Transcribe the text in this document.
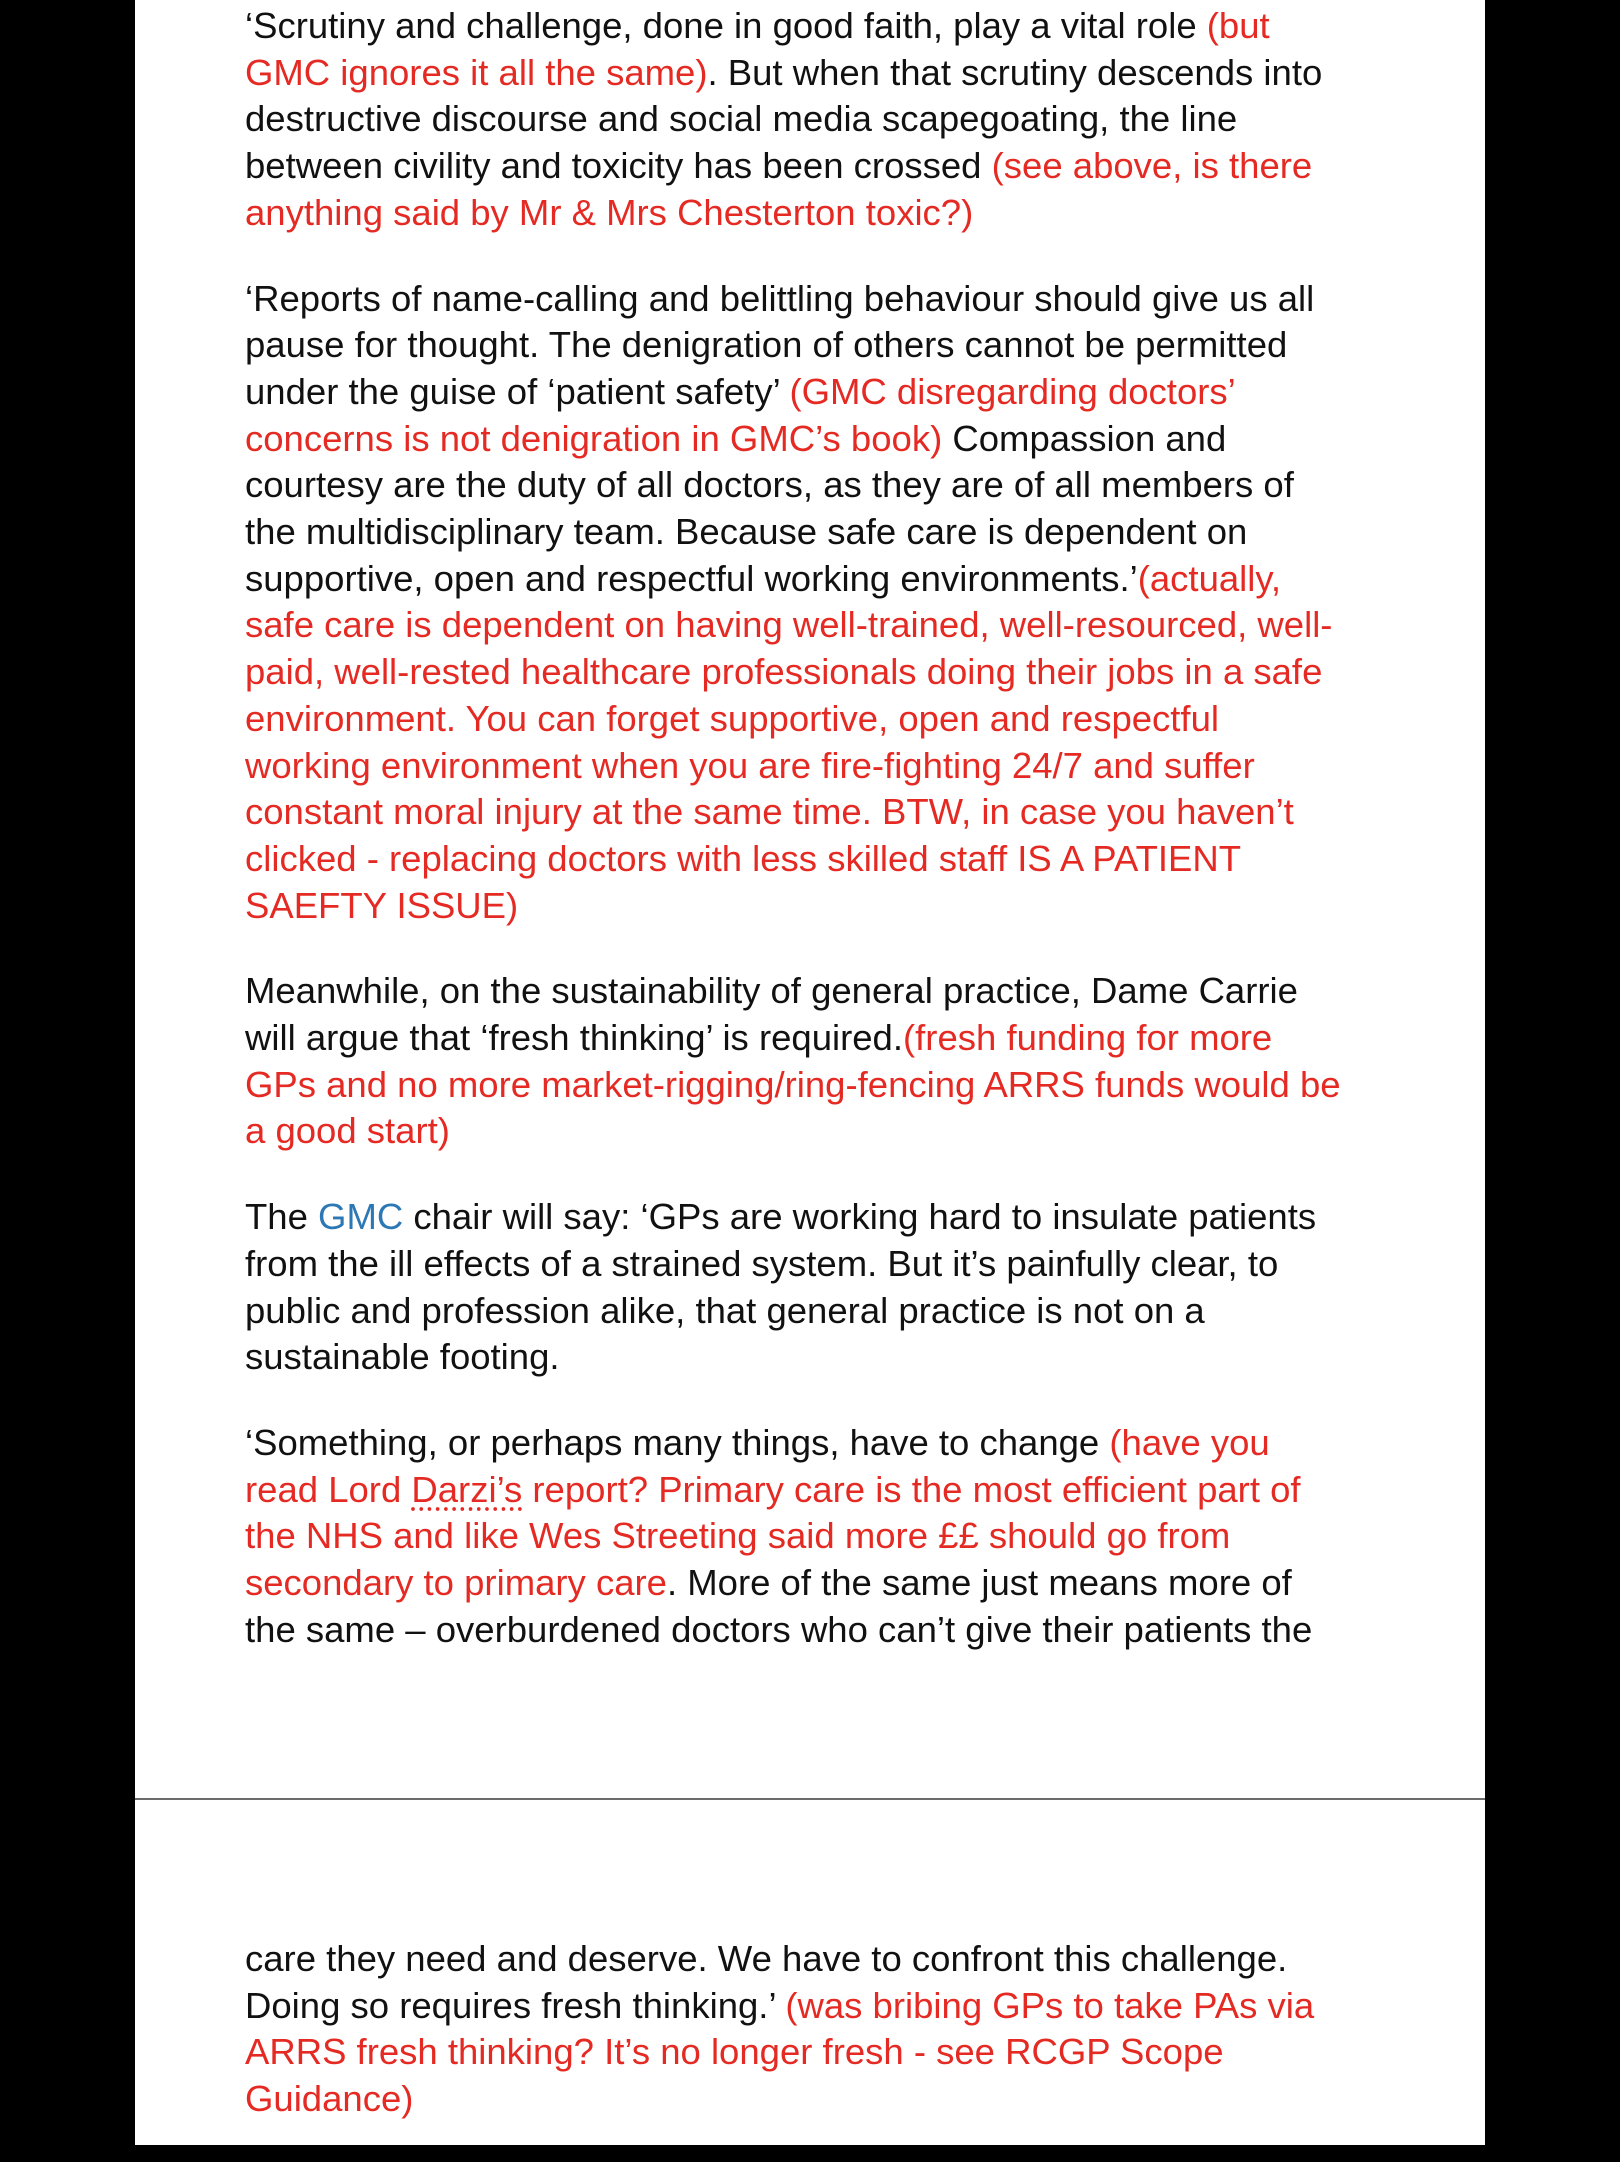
‘Scrutiny and challenge, done in good faith, play a vital role (but
GMC ignores it all the same). But when that scrutiny descends into
destructive discourse and social media scapegoating, the line
between civility and toxicity has been crossed (see above, is there
anything said by Mr & Mrs Chesterton toxic?)

‘Reports of name-calling and belittling behaviour should give us all
pause for thought. The denigration of others cannot be permitted
under the guise of ‘patient safety’ (GMC disregarding doctors’
concerns is not denigration in GMC’s book) Compassion and
courtesy are the duty of all doctors, as they are of all members of
the multidisciplinary team. Because safe care is dependent on
supportive, open and respectful working environments.’(actually,
safe care is dependent on having well-trained, well-resourced, well-
paid, well-rested healthcare professionals doing their jobs in a safe
environment. You can forget supportive, open and respectful
working environment when you are fire-fighting 24/7 and suffer
constant moral injury at the same time. BTW, in case you haven’t
clicked - replacing doctors with less skilled staff IS A PATIENT
SAEFTY ISSUE)

Meanwhile, on the sustainability of general practice, Dame Carrie
will argue that ‘fresh thinking’ is required.(fresh funding for more
GPs and no more market-rigging/ring-fencing ARRS funds would be
a good start)

The GMC chair will say: ‘GPs are working hard to insulate patients
from the ill effects of a strained system. But it’s painfully clear, to
public and profession alike, that general practice is not on a
sustainable footing.

‘Something, or perhaps many things, have to change (have you
read Lord Darzi’s report? Primary care is the most efficient part of
the NHS and like Wes Streeting said more ££ should go from
secondary to primary care. More of the same just means more of
the same – overburdened doctors who can’t give their patients the

care they need and deserve. We have to confront this challenge.
Doing so requires fresh thinking.’ (was bribing GPs to take PAs via
ARRS fresh thinking? It’s no longer fresh - see RCGP Scope
Guidance)
